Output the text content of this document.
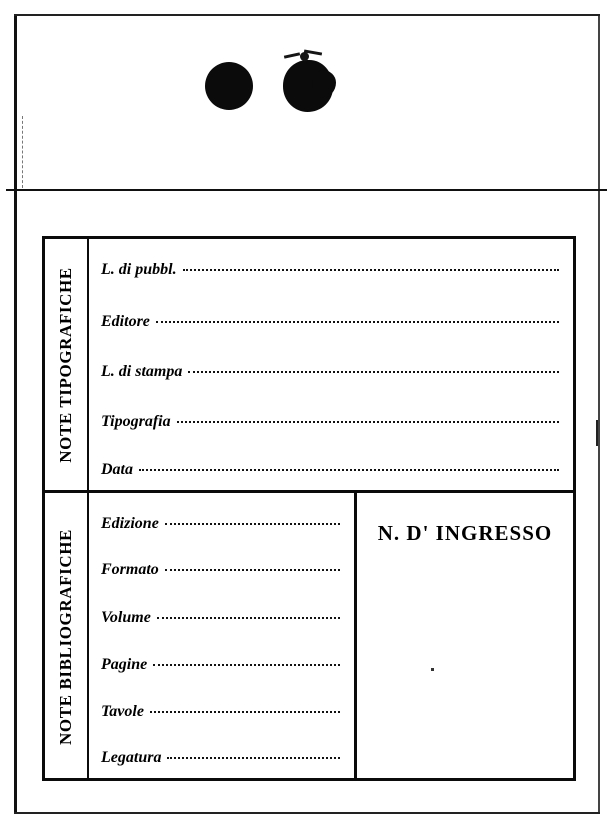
NOTE TIPOGRAFICHE	L. di pubbl.
Editore
L. di stampa
Tipografia
Data
NOTE BIBLIOGRAFICHE
Edizione
Formato
Volume
Pagine
Tavole
Legatura
N. D' INGRESSO
